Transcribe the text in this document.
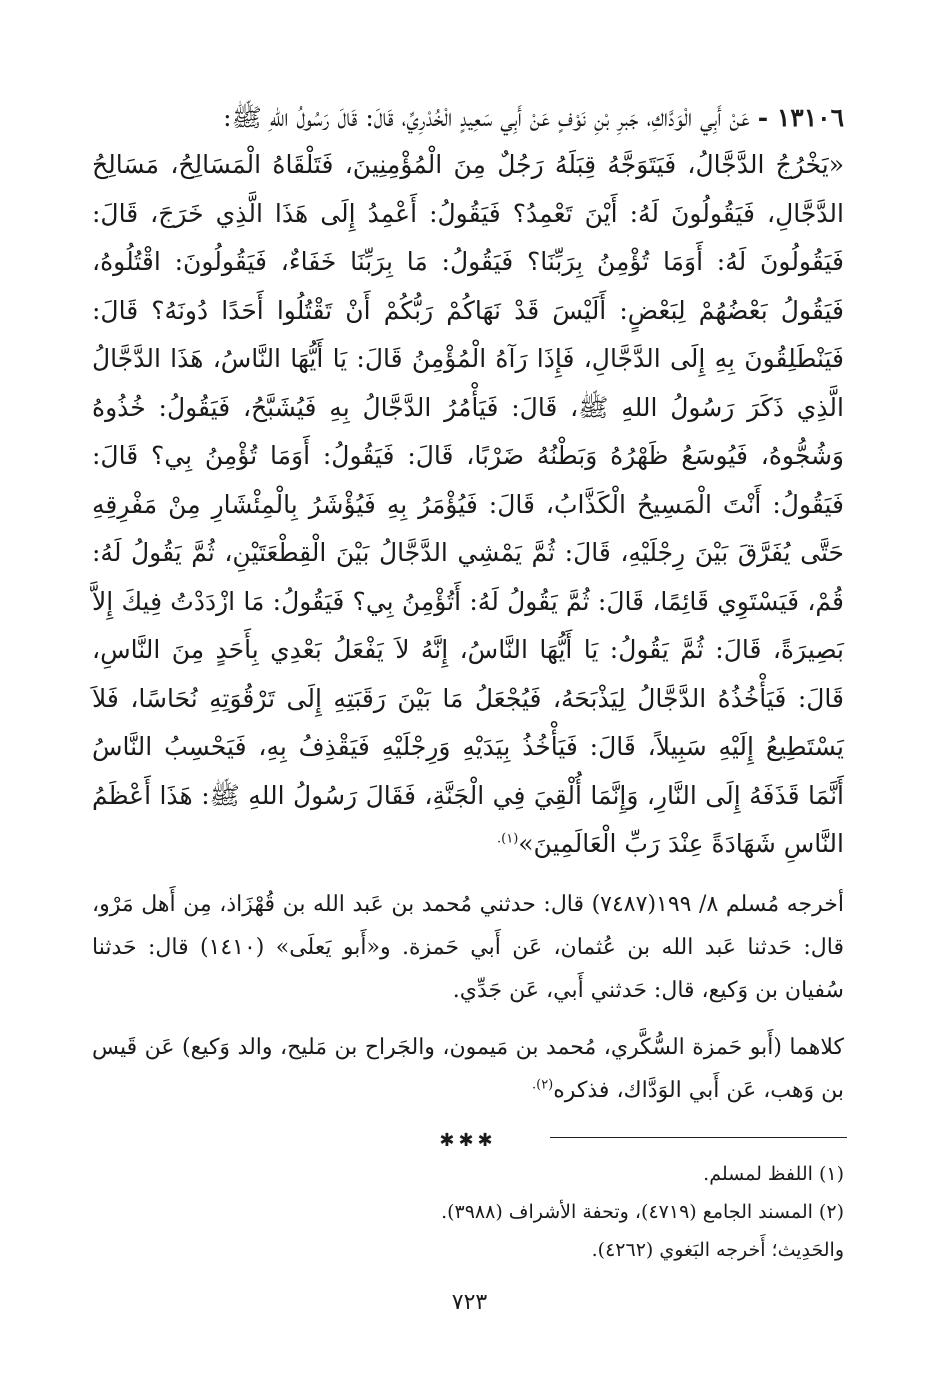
١٣١٠٦ - عَنْ أَبِي الْوَدَّاكِ، جَبرِ بْنِ نَوْفٍ عَنْ أَبِي سَعِيدٍ الْخُدْرِيِّ، قَالَ: قَالَ رَسُولُ اللهِ ﷺ:

«يَخْرُجُ الدَّجَّالُ، فَيَتَوَجَّهُ قِبَلَهُ رَجُلٌ مِنَ الْمُؤْمِنِينَ، فَتَلْقَاهُ الْمَسَالِحُ، مَسَالِحُ الدَّجَّالِ، فَيَقُولُونَ لَهُ: أَيْنَ تَعْمِدُ؟ فَيَقُولُ: أَعْمِدُ إِلَى هَذَا الَّذِي خَرَجَ، قَالَ: فَيَقُولُونَ لَهُ: أَوَمَا تُؤْمِنُ بِرَبِّنَا؟ فَيَقُولُ: مَا بِرَبِّنَا خَفَاءٌ، فَيَقُولُونَ: اقْتُلُوهُ، فَيَقُولُ بَعْضُهُمْ لِبَعْضٍ: أَلَيْسَ قَدْ نَهَاكُمْ رَبُّكُمْ أَنْ تَقْتُلُوا أَحَدًا دُونَهُ؟ قَالَ: فَيَنْطَلِقُونَ بِهِ إِلَى الدَّجَّالِ، فَإِذَا رَآهُ الْمُؤْمِنُ قَالَ: يَا أَيُّهَا النَّاسُ، هَذَا الدَّجَّالُ الَّذِي ذَكَرَ رَسُولُ اللهِ ﷺ، قَالَ: فَيَأْمُرُ الدَّجَّالُ بِهِ فَيُشَبَّحُ، فَيَقُولُ: خُذُوهُ وَشُجُّوهُ، فَيُوسَعُ ظَهْرُهُ وَبَطْنُهُ ضَرْبًا، قَالَ: فَيَقُولُ: أَوَمَا تُؤْمِنُ بِي؟ قَالَ: فَيَقُولُ: أَنْتَ الْمَسِيحُ الْكَذَّابُ، قَالَ: فَيُؤْمَرُ بِهِ فَيُؤْشَرُ بِالْمِئْشَارِ مِنْ مَفْرِقِهِ حَتَّى يُفَرَّقَ بَيْنَ رِجْلَيْهِ، قَالَ: ثُمَّ يَمْشِي الدَّجَّالُ بَيْنَ الْقِطْعَتَيْنِ، ثُمَّ يَقُولُ لَهُ: قُمْ، فَيَسْتَوِي قَائِمًا، قَالَ: ثُمَّ يَقُولُ لَهُ: أَتُؤْمِنُ بِي؟ فَيَقُولُ: مَا ازْدَدْتُ فِيكَ إِلاَّ بَصِيرَةً، قَالَ: ثُمَّ يَقُولُ: يَا أَيُّهَا النَّاسُ، إِنَّهُ لاَ يَفْعَلُ بَعْدِي بِأَحَدٍ مِنَ النَّاسِ، قَالَ: فَيَأْخُذُهُ الدَّجَّالُ لِيَذْبَحَهُ، فَيُجْعَلُ مَا بَيْنَ رَقَبَتِهِ إِلَى تَرْقُوَتِهِ نُحَاسًا، فَلاَ يَسْتَطِيعُ إِلَيْهِ سَبِيلاً، قَالَ: فَيَأْخُذُ بِيَدَيْهِ وَرِجْلَيْهِ فَيَقْذِفُ بِهِ، فَيَحْسِبُ النَّاسُ أَنَّمَا قَذَفَهُ إِلَى النَّارِ، وَإِنَّمَا أُلْقِيَ فِي الْجَنَّةِ، فَقَالَ رَسُولُ اللهِ ﷺ: هَذَا أَعْظَمُ النَّاسِ شَهَادَةً عِنْدَ رَبِّ الْعَالَمِينَ»$^{(١).}$

أخرجه مُسلم ٨/ ١٩٩(٧٤٨٧) قال: حدثني مُحمد بن عَبد الله بن قُهْزَاذ، مِن أَهل مَرْو، قال: حَدثنا عَبد الله بن عُثمان، عَن أَبي حَمزة. و«أَبو يَعلَى» (١٤١٠) قال: حَدثنا سُفيان بن وَكيع، قال: حَدثني أَبي، عَن جَدِّي.

كلاهما (أَبو حَمزة السُّكَّري، مُحمد بن مَيمون، والجَراح بن مَليح، والد وَكيع) عَن قَيس بن وَهب، عَن أَبي الوَدَّاك، فذكره$^{(٢).}$

✱✱✱

(١) اللفظ لمسلم.

(٢) المسند الجامع (٤٧١٩)، وتحفة الأشراف (٣٩٨٨).

والحَدِيث؛ أَخرجه البَغوي (٤٢٦٢).

٧٢٣
